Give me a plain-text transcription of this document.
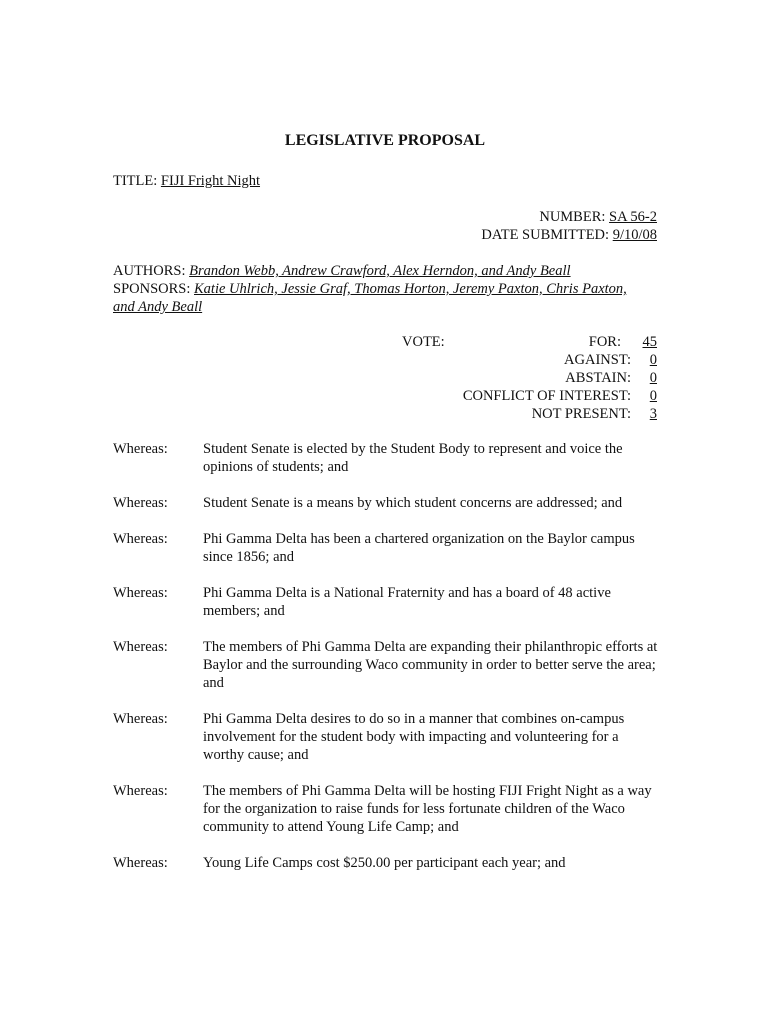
LEGISLATIVE PROPOSAL
TITLE: FIJI Fright Night
NUMBER: SA 56-2
DATE SUBMITTED: 9/10/08
AUTHORS: Brandon Webb, Andrew Crawford, Alex Herndon, and Andy Beall
SPONSORS: Katie Uhlrich, Jessie Graf, Thomas Horton, Jeremy Paxton, Chris Paxton,
and Andy Beall
VOTE:	FOR:	45
AGAINST:	0
ABSTAIN:	0
CONFLICT OF INTEREST:	0
NOT PRESENT:	3
Whereas:	Student Senate is elected by the Student Body to represent and voice the opinions of students; and
Whereas:	Student Senate is a means by which student concerns are addressed; and
Whereas:	Phi Gamma Delta has been a chartered organization on the Baylor campus since 1856; and
Whereas:	Phi Gamma Delta is a National Fraternity and has a board of 48 active members; and
Whereas:	The members of Phi Gamma Delta are expanding their philanthropic efforts at Baylor and the surrounding Waco community in order to better serve the area; and
Whereas:	Phi Gamma Delta desires to do so in a manner that combines on-campus involvement for the student body with impacting and volunteering for a worthy cause; and
Whereas:	The members of Phi Gamma Delta will be hosting FIJI Fright Night as a way for the organization to raise funds for less fortunate children of the Waco community to attend Young Life Camp; and
Whereas:	Young Life Camps cost $250.00 per participant each year; and
